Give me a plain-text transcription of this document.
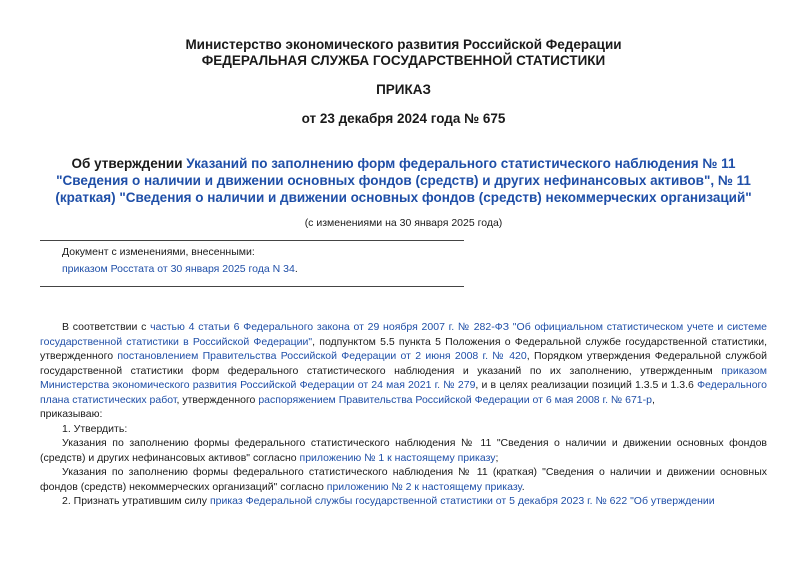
Министерство экономического развития Российской Федерации
ФЕДЕРАЛЬНАЯ СЛУЖБА ГОСУДАРСТВЕННОЙ СТАТИСТИКИ
ПРИКАЗ
от 23 декабря 2024 года № 675
Об утверждении Указаний по заполнению форм федерального статистического наблюдения № 11
"Сведения о наличии и движении основных фондов (средств) и других нефинансовых активов", № 11
(краткая) "Сведения о наличии и движении основных фондов (средств) некоммерческих организаций"
(с изменениями на 30 января 2025 года)
Документ с изменениями, внесенными:
приказом Росстата от 30 января 2025 года N 34.

В соответствии с частью 4 статьи 6 Федерального закона от 29 ноября 2007 г. № 282-ФЗ "Об официальном статистическом учете и системе государственной статистики в Российской Федерации", подпунктом 5.5 пункта 5 Положения о Федеральной службе государственной статистики, утвержденного постановлением Правительства Российской Федерации от 2 июня 2008 г. № 420, Порядком утверждения Федеральной службой государственной статистики форм федерального статистического наблюдения и указаний по их заполнению, утвержденным приказом Министерства экономического развития Российской Федерации от 24 мая 2021 г. № 279, и в целях реализации позиций 1.3.5 и 1.3.6 Федерального плана статистических работ, утвержденного распоряжением Правительства Российской Федерации от 6 мая 2008 г. № 671-р,

приказываю:

1. Утвердить:

Указания по заполнению формы федерального статистического наблюдения № 11 "Сведения о наличии и движении основных фондов (средств) и других нефинансовых активов" согласно приложению № 1 к настоящему приказу;

Указания по заполнению формы федерального статистического наблюдения № 11 (краткая) "Сведения о наличии и движении основных фондов (средств) некоммерческих организаций" согласно приложению № 2 к настоящему приказу.

2. Признать утратившим силу приказ Федеральной службы государственной статистики от 5 декабря 2023 г. № 622 "Об утверждении
